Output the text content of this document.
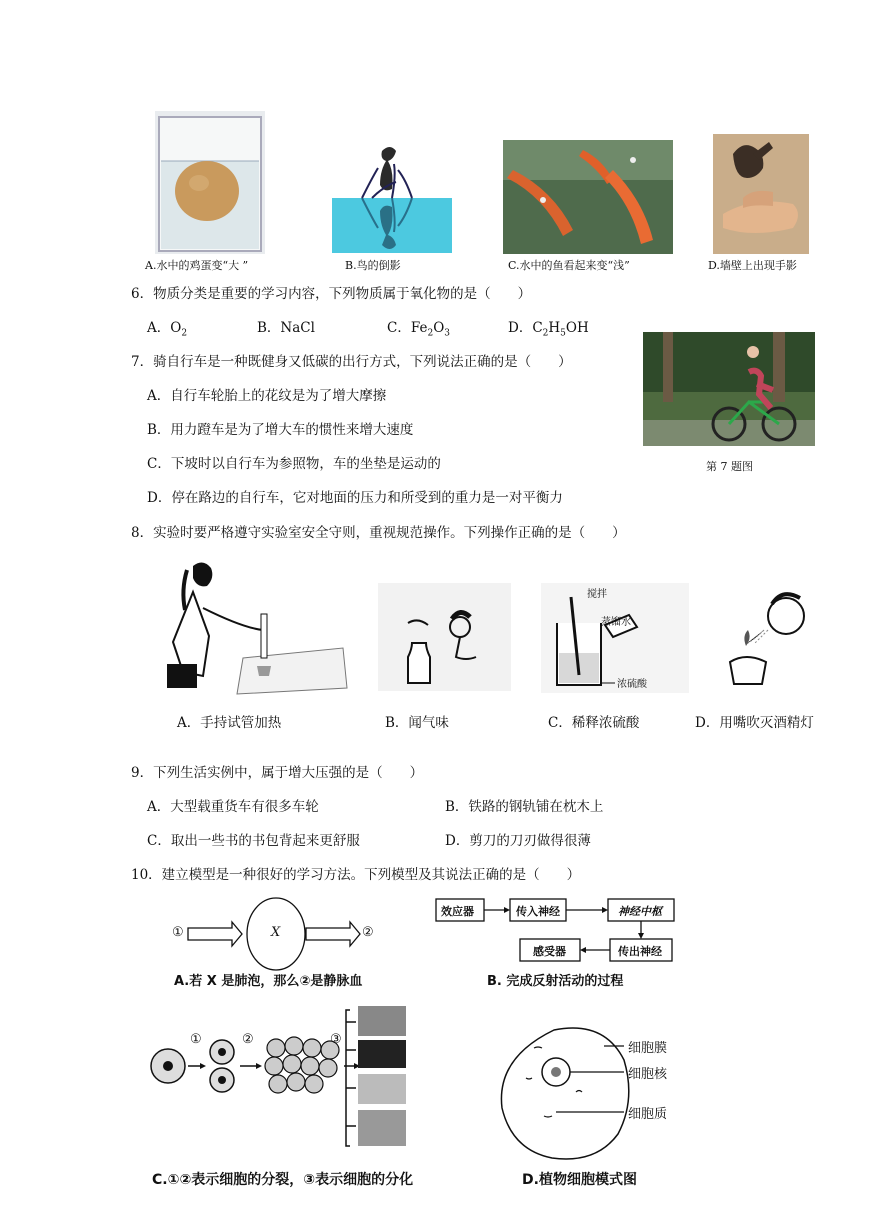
A.水中的鸡蛋变“大 ”	B.鸟的倒影	C.水中的鱼看起来变“浅”	D.墙壁上出现手影
6．物质分类是重要的学习内容，下列物质属于氧化物的是（　　）
A．$O_2$	B．NaCl	C．$Fe_2O_3$	D．$C_2H_5OH$
7．骑自行车是一种既健身又低碳的出行方式，下列说法正确的是（　　）
A．自行车轮胎上的花纹是为了增大摩擦
B．用力蹬车是为了增大车的惯性来增大速度
C．下坡时以自行车为参照物，车的坐垫是运动的
D．停在路边的自行车，它对地面的压力和所受到的重力是一对平衡力
第 7 题图
8．实验时要严格遵守实验室安全守则，重视规范操作。下列操作正确的是（　　）
A．手持试管加热	B．闻气味
搅拌
蒸馏水
浓硫酸
C．稀释浓硫酸	D．用嘴吹灭酒精灯
9．下列生活实例中，属于增大压强的是（　　）
A．大型载重货车有很多车轮	B．铁路的钢轨铺在枕木上
C．取出一些书的书包背起来更舒服	D．剪刀的刀刃做得很薄
10．建立模型是一种很好的学习方法。下列模型及其说法正确的是（　　）
①	X	②
A.若 X 是肺泡，那么②是静脉血
效应器	传入神经	神经中枢
感受器	传出神经
B. 完成反射活动的过程
①	②	③
C.①②表示细胞的分裂，③表示细胞的分化
细胞膜
细胞核
细胞质
D.植物细胞模式图
